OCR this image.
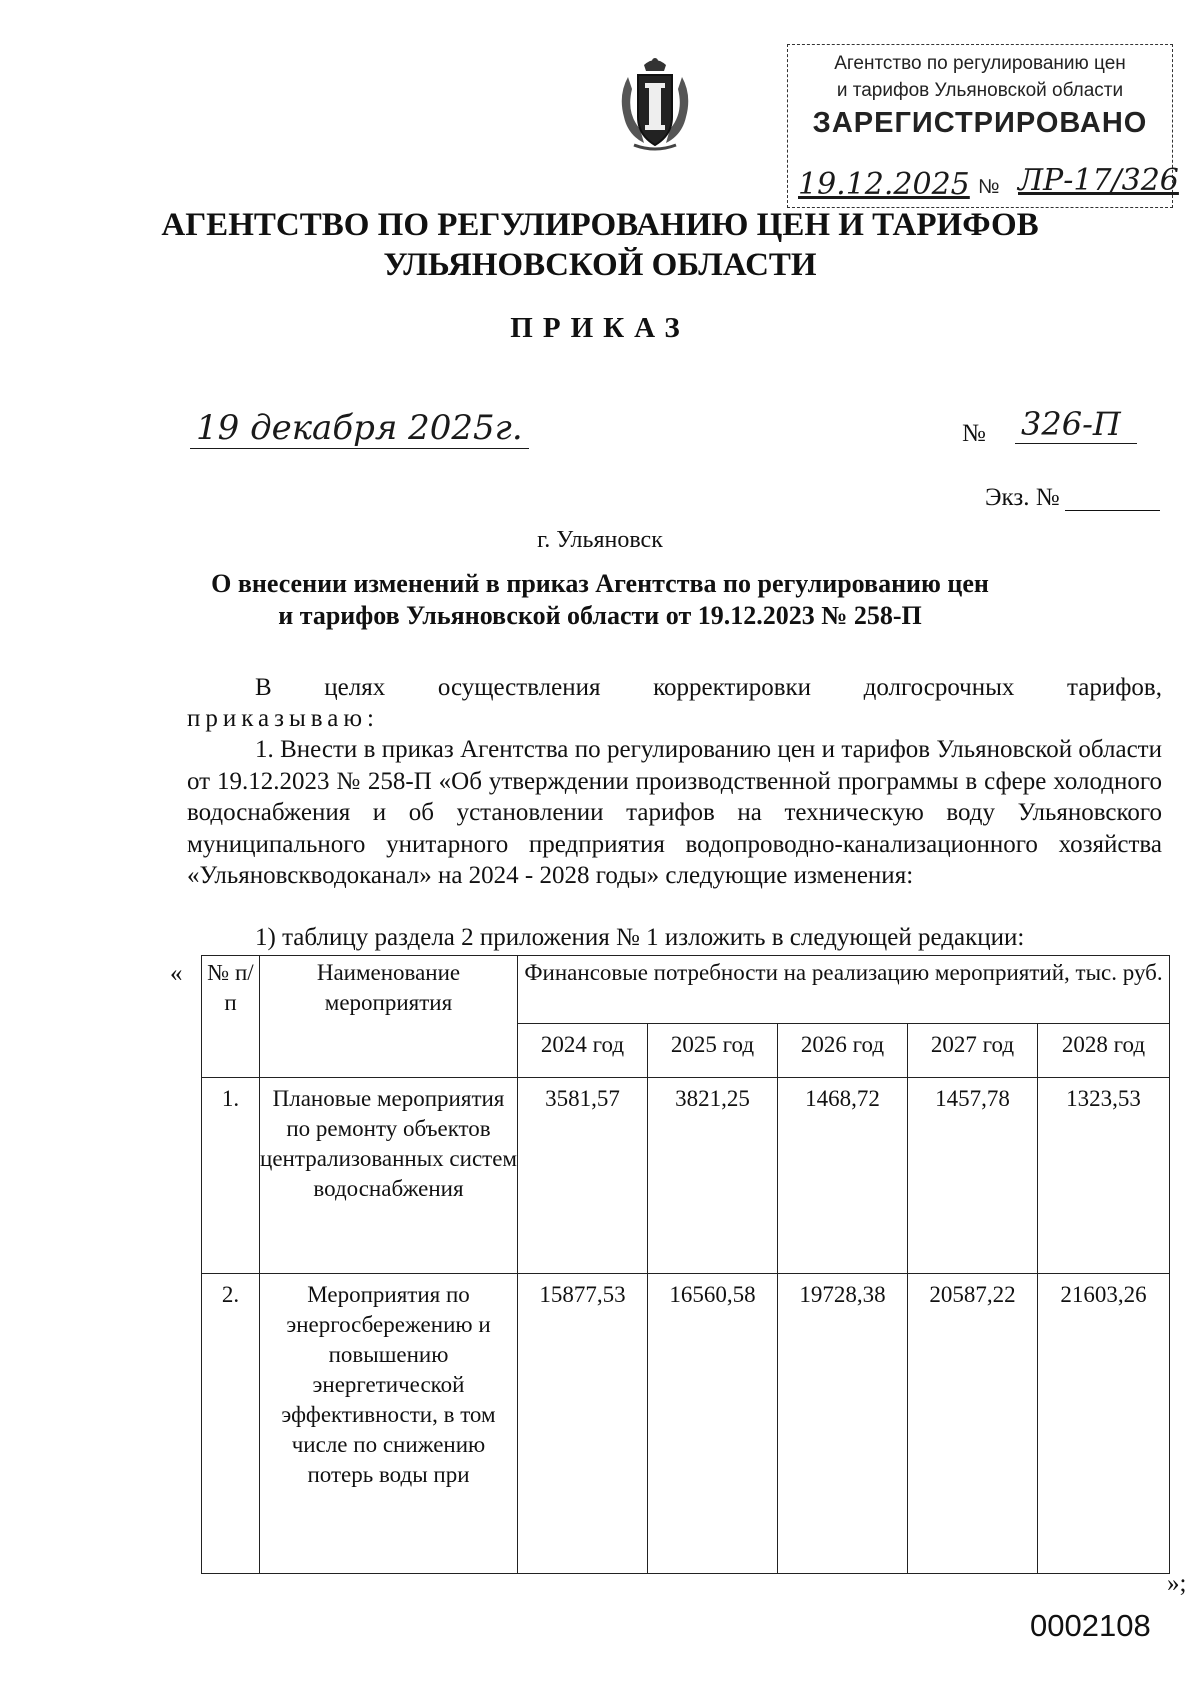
Агентство по регулированию цен
и тарифов Ульяновской области
ЗАРЕГИСТРИРОВАНО
19.12.2025 № ЛР-17/326
АГЕНТСТВО ПО РЕГУЛИРОВАНИЮ ЦЕН И ТАРИФОВ
УЛЬЯНОВСКОЙ ОБЛАСТИ
ПРИКАЗ
19 декабря 2025г.	№ 326-П
Экз. №
г. Ульяновск
О внесении изменений в приказ Агентства по регулированию цен
и тарифов Ульяновской области от 19.12.2023 № 258-П
В целях осуществления корректировки долгосрочных тарифов,
приказываю:
1. Внести в приказ Агентства по регулированию цен и тарифов Ульяновской области от 19.12.2023 № 258-П «Об утверждении производственной программы в сфере холодного водоснабжения и об установлении тарифов на техническую воду Ульяновского муниципального унитарного предприятия водопроводно-канализационного хозяйства «Ульяновскводоканал» на 2024 - 2028 годы» следующие изменения:
1) таблицу раздела 2 приложения № 1 изложить в следующей редакции:
« № п/п	Наименование мероприятия	Финансовые потребности на реализацию мероприятий, тыс. руб.				
		2024 год	2025 год	2026 год	2027 год	2028 год
1.	Плановые мероприятия по ремонту объектов централизованных систем водоснабжения	3581,57	3821,25	1468,72	1457,78	1323,53
2.	Мероприятия по энергосбережению и повышению энергетической эффективности, в том числе по снижению потерь воды при	15877,53	16560,58	19728,38	20587,22	21603,26
»;
0002108
